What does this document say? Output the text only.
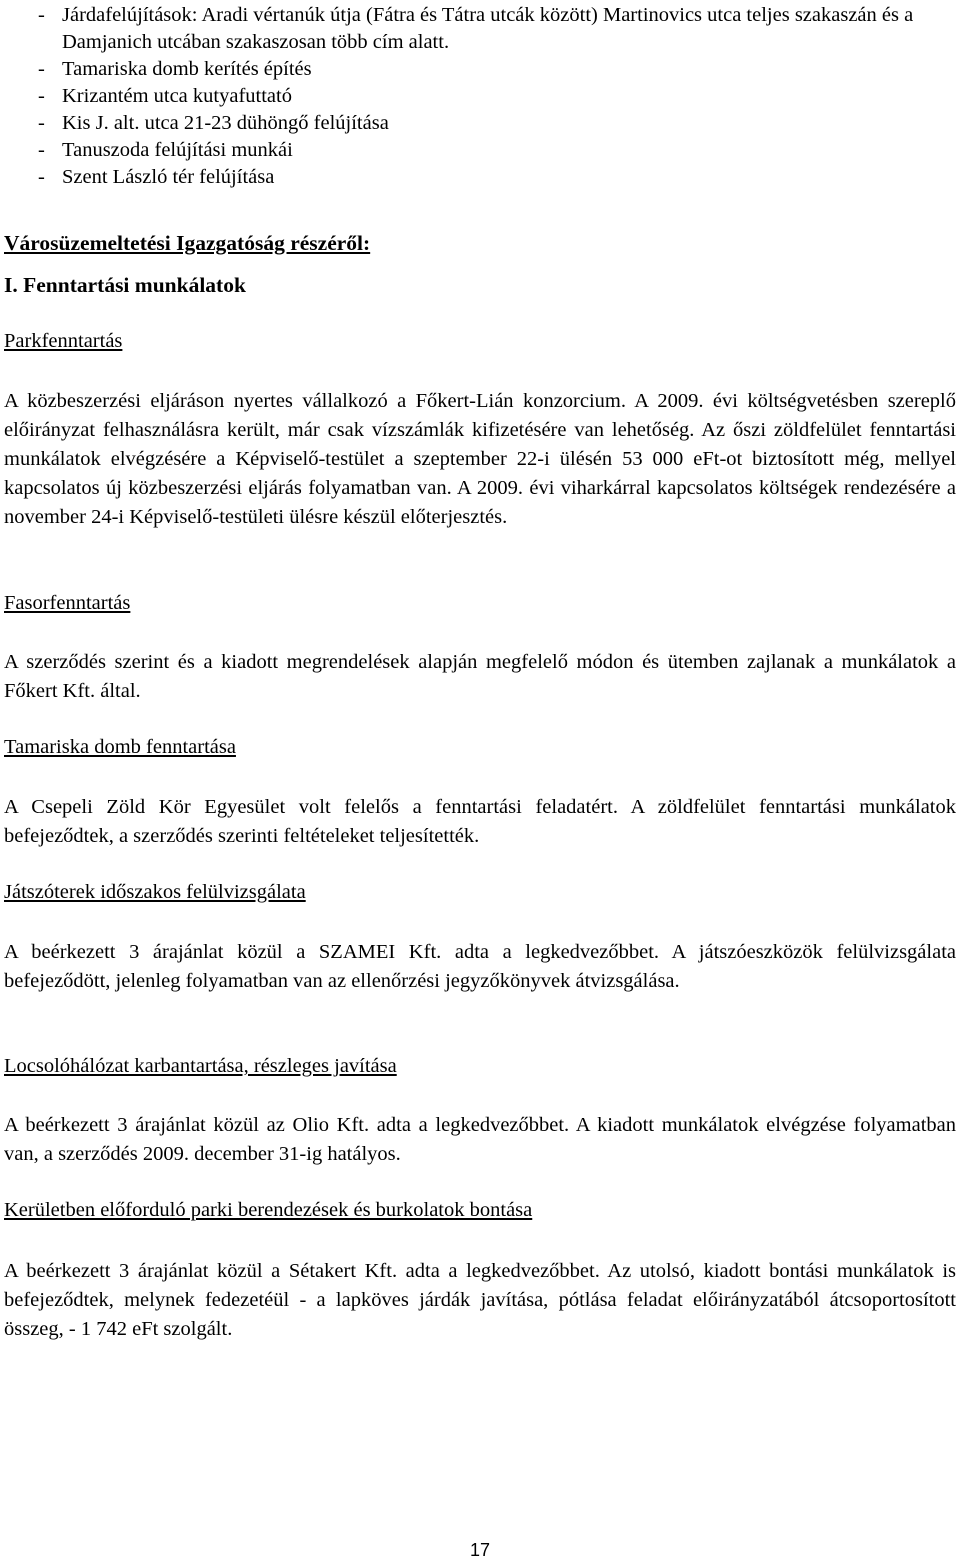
- Járdafelújítások: Aradi vértanúk útja (Fátra és Tátra utcák között) Martinovics utca teljes szakaszán és a Damjanich utcában szakaszosan több cím alatt.
- Tamariska domb kerítés építés
- Krizantém utca kutyafuttató
- Kis J. alt. utca 21-23 dühöngő felújítása
- Tanuszoda felújítási munkái
- Szent László tér felújítása
Városüzemeltetési Igazgatóság részéről:
I. Fenntartási munkálatok

Parkfenntartás

A közbeszerzési eljáráson nyertes vállalkozó a Főkert-Lián konzorcium. A 2009. évi költségvetésben szereplő előirányzat felhasználásra került, már csak vízszámlák kifizetésére van lehetőség. Az őszi zöldfelület fenntartási munkálatok elvégzésére a Képviselő-testület a szeptember 22-i ülésén 53 000 eFt-ot biztosított még, mellyel kapcsolatos új közbeszerzési eljárás folyamatban van. A 2009. évi viharkárral kapcsolatos költségek rendezésére a november 24-i Képviselő-testületi ülésre készül előterjesztés.

Fasorfenntartás

A szerződés szerint és a kiadott megrendelések alapján megfelelő módon és ütemben zajlanak a munkálatok a Főkert Kft. által.

Tamariska domb fenntartása

A Csepeli Zöld Kör Egyesület volt felelős a fenntartási feladatért. A zöldfelület fenntartási munkálatok befejeződtek, a szerződés szerinti feltételeket teljesítették.

Játszóterek időszakos felülvizsgálata

A beérkezett 3 árajánlat közül a SZAMEI Kft. adta a legkedvezőbbet. A játszóeszközök felülvizsgálata befejeződött, jelenleg folyamatban van az ellenőrzési jegyzőkönyvek átvizsgálása.

Locsolóhálózat karbantartása, részleges javítása

A beérkezett 3 árajánlat közül az Olio Kft. adta a legkedvezőbbet. A kiadott munkálatok elvégzése folyamatban van, a szerződés 2009. december 31-ig hatályos.

Kerületben előforduló parki berendezések és burkolatok bontása

A beérkezett 3 árajánlat közül a Sétakert Kft. adta a legkedvezőbbet. Az utolsó, kiadott bontási munkálatok is befejeződtek, melynek fedezetéül - a lapköves járdák javítása, pótlása feladat előirányzatából átcsoportosított összeg, - 1 742 eFt szolgált.

17
